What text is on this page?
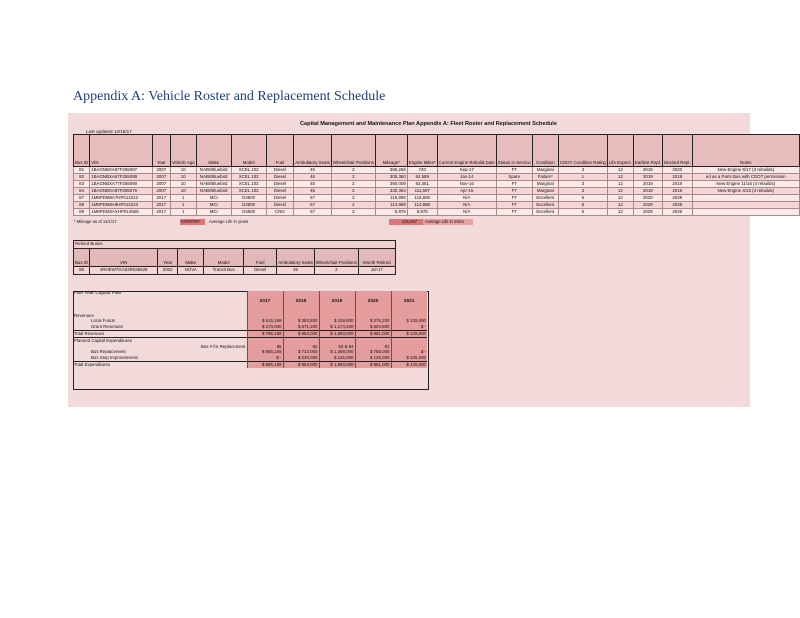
Appendix A: Vehicle Roster and Replacement Schedule
Capital Management and Maintenance Plan Appendix A: Fleet Roster and Replacement Schedule
Last updated 12/15/17
Bus ID	VIN	Year	Vehicle Age	Make	Model	Fuel	Ambulatory Seats	Wheelchair Positions	Mileage*	Engine Miles*	Current Engine Rebuild Date	Status in Service	Condition	CDOT Condition Rating	Life Expect.	Earliest Repl.	Desired Repl.	Notes
81	1BAGNBXA87F255087	2007	10	NABI/Bluebird	XCEL 102	Diesel	45	2	365,266	740	Sep-17	FT	Marginal	3	12	2019	2020	New Engine 9/17 (3 rebuilds)
82	1BAGNBXA67F255089	2007	10	NABI/Bluebird	XCEL 102	Diesel	45	2	305,360	92,589	Jan-14	Spare	Failure*	1	12	2019	2018	ed as a Parts Bus with CDOT permission
83	1BAGNBXA77F255090	2007	10	NABI/Bluebird	XCEL 102	Diesel	45	2	360,009	92,451	Nov-16	FT	Marginal	3	12	2019	2019	New Engine 11/16 (4 rebuilds)
84	1BAGNBXA87F255076	2007	10	NABI/Bluebird	XCEL 102	Diesel	45	2	330,354	111,507	Apr-15	FT	Marginal	3	12	2019	2019	New Engine 4/15 (4 rebuilds)
87	1M8PDM8A7HP014222	2017	1	MCI	D4500	Diesel	57	2	116,906	116,906	N/A	FT	Excellent	5	12	2020	2029	
88	1M8PDM8A9HP014223	2017	1	MCI	D4500	Diesel	57	2	114,888	114,888	N/A	FT	Excellent	5	12	2029	2029	
89	1M8PDM3AXHP014569	2017	1	MCI	D4500	CNG	57	2	5,975	5,975	N/A	FT	Excellent	5	12	2029	2029	
* Mileage as of 11/1/17	######## Average Life in years	225,567 Average Life in miles
Retired Buses								
Bus ID	VIN	Year	Make	Model	Fuel	Ambulatory Seats	Wheelchair Positions	Month Retired
86	4RHEWTGA02R035629	2002	NOVA	Transit Bus	Diesel	46	2	Jul-17
Five Year Capital Plan	2017	2018	2019	2020	2021
Revenues					
Local Funds	$ 615,159	$ 382,800	$ 418,600	$ 276,200	$ 125,000
Grant Revenues	$ 170,000	$ 571,200	$ 1,174,400	$ 604,800	$ -
Total Revenues	$ 785,159	$ 954,000	$ 1,593,000	$ 881,000	$ 125,000
Planned Capital Expenditures					
Bus # for Replacement	86	82	83 & 84	81	
Bus Replacement	$ 685,159	$ 714,000	$ 1,468,000	$ 756,000	$ -
Bus Stop Improvements	$ -	$ 240,000	$ 125,000	$ 125,000	$ 125,000
Total Expenditures	$ 685,159	$ 954,000	$ 1,593,000	$ 881,000	$ 125,000
